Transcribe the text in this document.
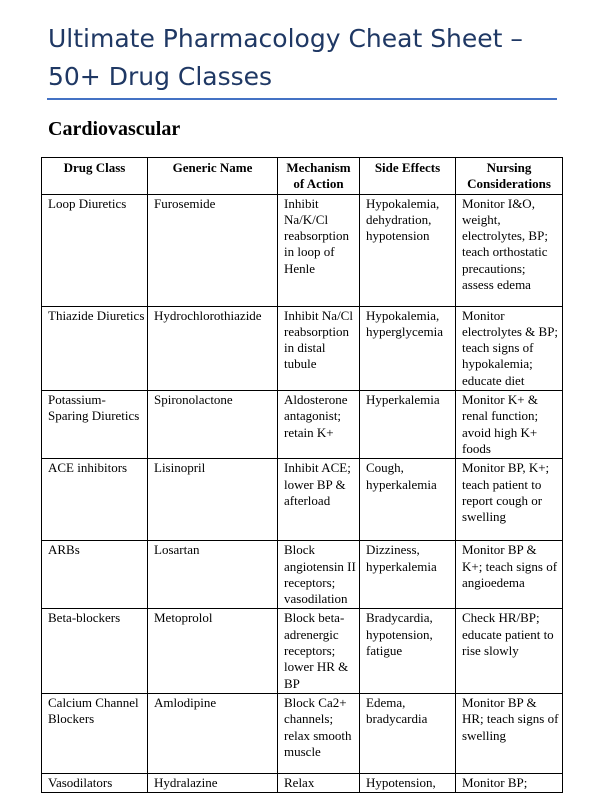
Ultimate Pharmacology Cheat Sheet – 50+ Drug Classes
Cardiovascular
Drug Class	Generic Name	Mechanism of Action	Side Effects	Nursing Considerations
Loop Diuretics	Furosemide	Inhibit Na/K/Cl reabsorption in loop of Henle	Hypokalemia, dehydration, hypotension	Monitor I&O, weight, electrolytes, BP; teach orthostatic precautions; assess edema
Thiazide Diuretics	Hydrochlorothiazide	Inhibit Na/Cl reabsorption in distal tubule	Hypokalemia, hyperglycemia	Monitor electrolytes & BP; teach signs of hypokalemia; educate diet
Potassium-Sparing Diuretics	Spironolactone	Aldosterone antagonist; retain K+	Hyperkalemia	Monitor K+ & renal function; avoid high K+ foods
ACE inhibitors	Lisinopril	Inhibit ACE; lower BP & afterload	Cough, hyperkalemia	Monitor BP, K+; teach patient to report cough or swelling
ARBs	Losartan	Block angiotensin II receptors; vasodilation	Dizziness, hyperkalemia	Monitor BP & K+; teach signs of angioedema
Beta-blockers	Metoprolol	Block beta-adrenergic receptors; lower HR & BP	Bradycardia, hypotension, fatigue	Check HR/BP; educate patient to rise slowly
Calcium Channel Blockers	Amlodipine	Block Ca2+ channels; relax smooth muscle	Edema, bradycardia	Monitor BP & HR; teach signs of swelling
Vasodilators	Hydralazine	Relax	Hypotension,	Monitor BP;
